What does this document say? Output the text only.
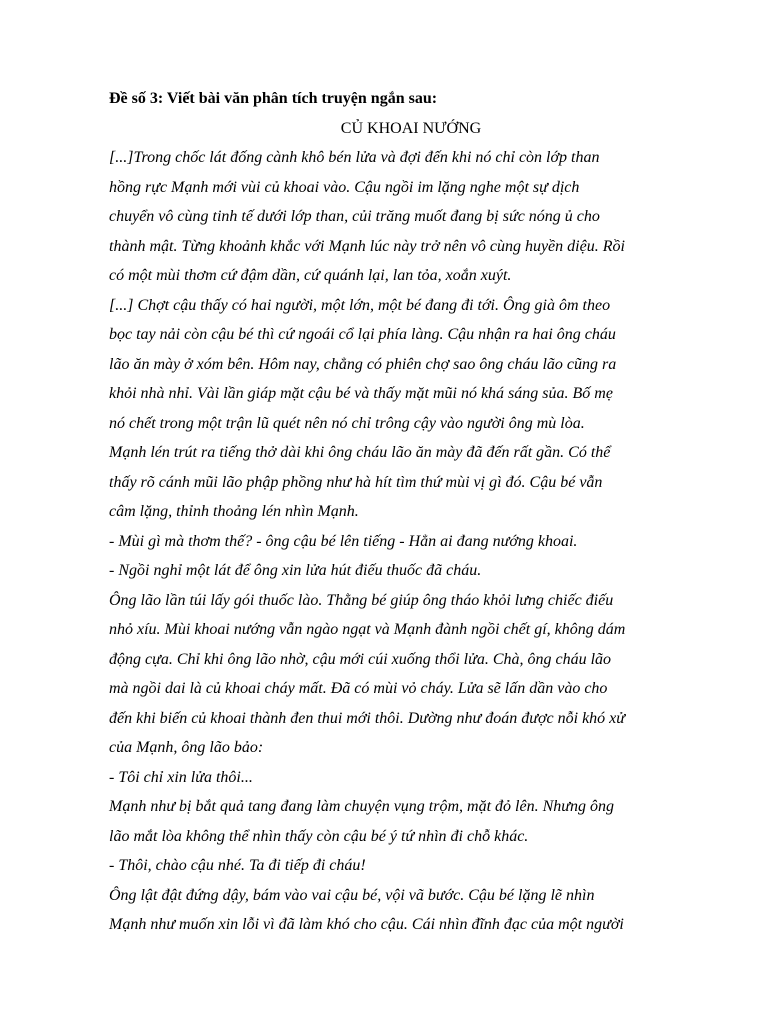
Đề số 3: Viết bài văn phân tích truyện ngắn sau:
CỦ KHOAI NƯỚNG

[...]Trong chốc lát đống cành khô bén lửa và đợi đến khi nó chỉ còn lớp than
hồng rực Mạnh mới vùi củ khoai vào. Cậu ngồi im lặng nghe một sự dịch
chuyển vô cùng tinh tế dưới lớp than, củi trăng muốt đang bị sức nóng ủ cho
thành mật. Từng khoảnh khắc với Mạnh lúc này trở nên vô cùng huyền diệu. Rồi
có một mùi thơm cứ đậm dần, cứ quánh lại, lan tỏa, xoắn xuýt.
[...] Chợt cậu thấy có hai người, một lớn, một bé đang đi tới. Ông già ôm theo
bọc tay nải còn cậu bé thì cứ ngoái cổ lại phía làng. Cậu nhận ra hai ông cháu
lão ăn mày ở xóm bên. Hôm nay, chẳng có phiên chợ sao ông cháu lão cũng ra
khỏi nhà nhỉ. Vài lần giáp mặt cậu bé và thấy mặt mũi nó khá sáng sủa. Bố mẹ
nó chết trong một trận lũ quét nên nó chỉ trông cậy vào người ông mù lòa.
Mạnh lén trút ra tiếng thở dài khi ông cháu lão ăn mày đã đến rất gần. Có thể
thấy rõ cánh mũi lão phập phồng như hà hít tìm thứ mùi vị gì đó. Cậu bé vẫn
câm lặng, thỉnh thoảng lén nhìn Mạnh.
- Mùi gì mà thơm thế? - ông cậu bé lên tiếng - Hẳn ai đang nướng khoai.
- Ngồi nghỉ một lát để ông xin lửa hút điếu thuốc đã cháu.
Ông lão lần túi lấy gói thuốc lào. Thằng bé giúp ông tháo khỏi lưng chiếc điếu
nhỏ xíu. Mùi khoai nướng vẫn ngào ngạt và Mạnh đành ngồi chết gí, không dám
động cựa. Chỉ khi ông lão nhờ, cậu mới cúi xuống thổi lửa. Chà, ông cháu lão
mà ngồi dai là củ khoai cháy mất. Đã có mùi vỏ cháy. Lửa sẽ lấn dần vào cho
đến khi biến củ khoai thành đen thui mới thôi. Dường như đoán được nỗi khó xử
của Mạnh, ông lão bảo:
- Tôi chỉ xin lửa thôi...
Mạnh như bị bắt quả tang đang làm chuyện vụng trộm, mặt đỏ lên. Nhưng ông
lão mắt lòa không thể nhìn thấy còn cậu bé ý tứ nhìn đi chỗ khác.
- Thôi, chào cậu nhé. Ta đi tiếp đi cháu!
Ông lật đật đứng dậy, bám vào vai cậu bé, vội vã bước. Cậu bé lặng lẽ nhìn
Mạnh như muốn xin lỗi vì đã làm khó cho cậu. Cái nhìn đĩnh đạc của một người
